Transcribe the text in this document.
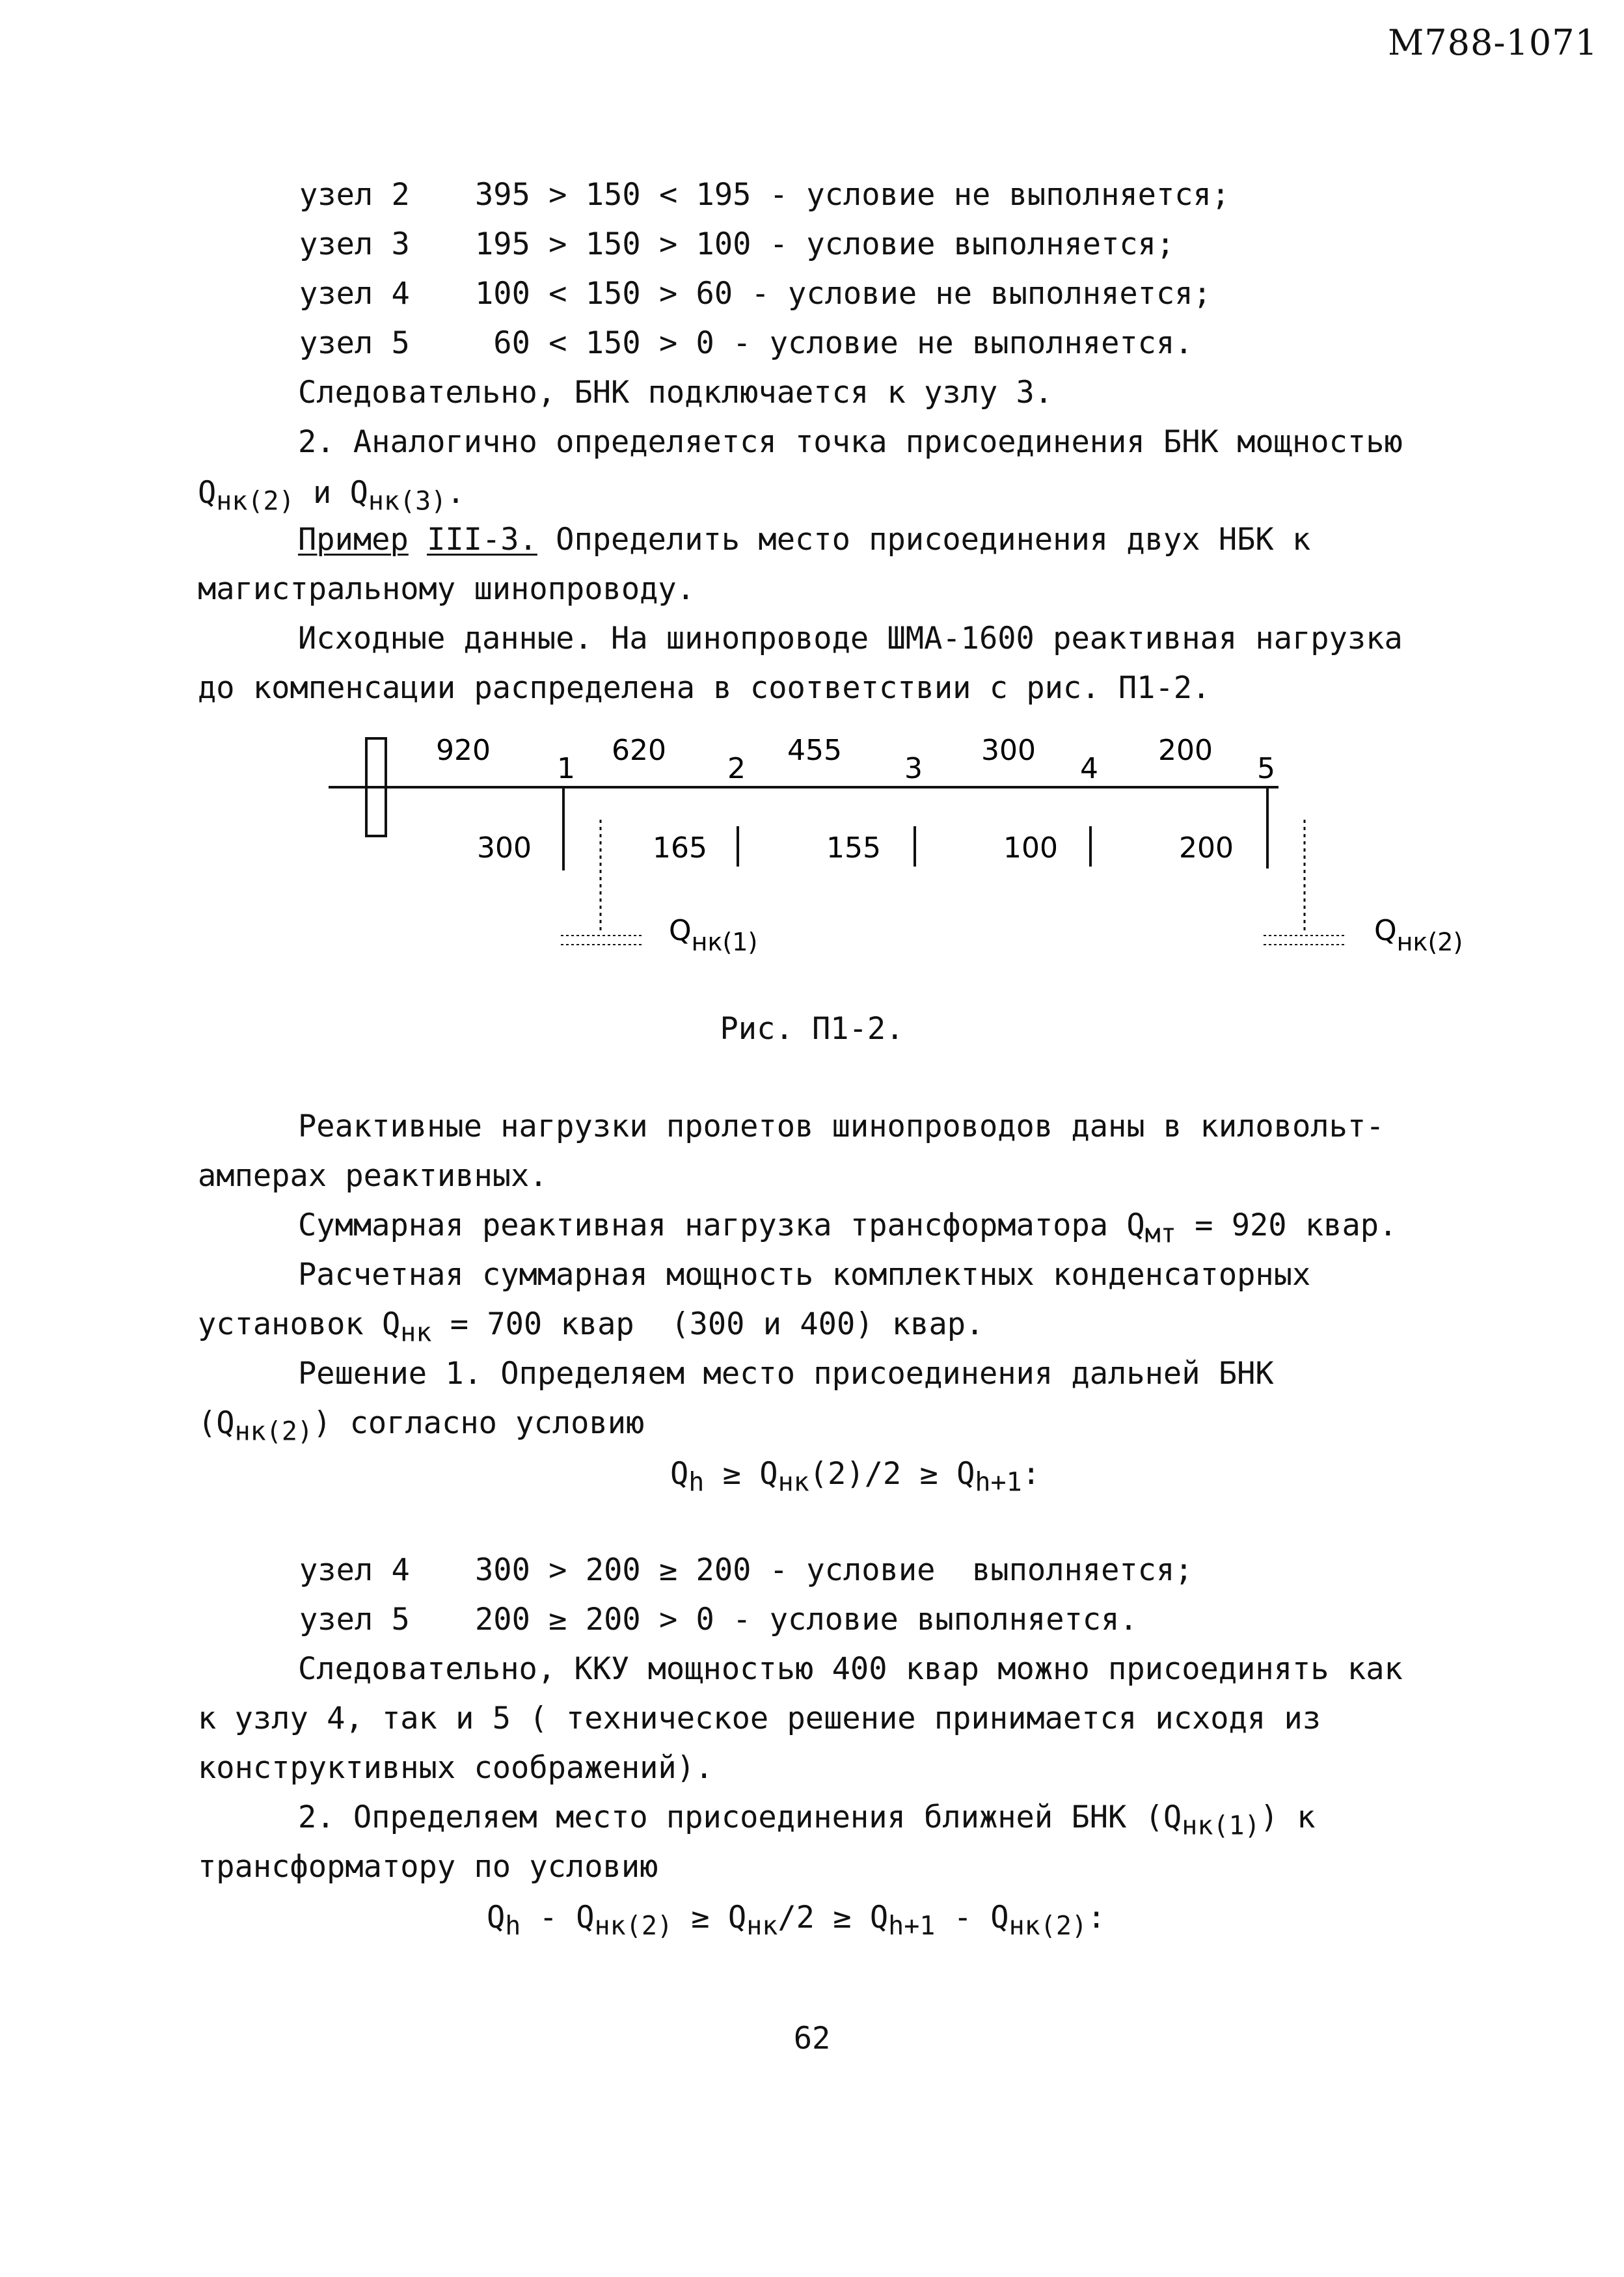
М788-1071
узел 2 395 > 150 < 195 - условие не выполняется;
узел 3 195 > 150 > 100 - условие выполняется;
узел 4 100 < 150 > 60 - условие не выполняется;
узел 5 60 < 150 > 0 - условие не выполняется.
Следовательно, БНК подключается к узлу 3.
2. Аналогично определяется точка присоединения БНК мощностью
$Q_{нк(2)}$ и $Q_{нк(3)}$.
Пример III-3. Определить место присоединения двух НБК к
магистральному шинопроводу.
Исходные данные. На шинопроводе ШМА-1600 реактивная нагрузка
до компенсации распределена в соответствии с рис. П1-2.
920	620	455	300	200
1	2	3	4	5
300	165	155	100	200
Qнк(1)	Qнк(2)
Рис. П1-2.
Реактивные нагрузки пролетов шинопроводов даны в киловольт-
амперах реактивных.
Суммарная реактивная нагрузка трансформатора $Q_{мт} = 920$ квар.
Расчетная суммарная мощность комплектных конденсаторных
установок $Q_{нк} = 700$ квар  (300 и 400) квар.
Решение 1. Определяем место присоединения дальней БНК
$(Q_{нк(2)})$ согласно условию
$Q_h \ge Q_{нк}(2)/2 \ge Q_{h+1}$:
узел 4 300 > 200 ≥ 200 - условие  выполняется;
узел 5 200 ≥ 200 > 0 - условие выполняется.
Следовательно, ККУ мощностью 400 квар можно присоединять как
к узлу 4, так и 5 ( техническое решение принимается исходя из
конструктивных соображений).
2. Определяем место присоединения ближней БНК $(Q_{нк(1)})$ к
трансформатору по условию
$Q_h - Q_{нк(2)} \ge Q_{нк}/2 \ge Q_{h+1} - Q_{нк(2)}$:
62
